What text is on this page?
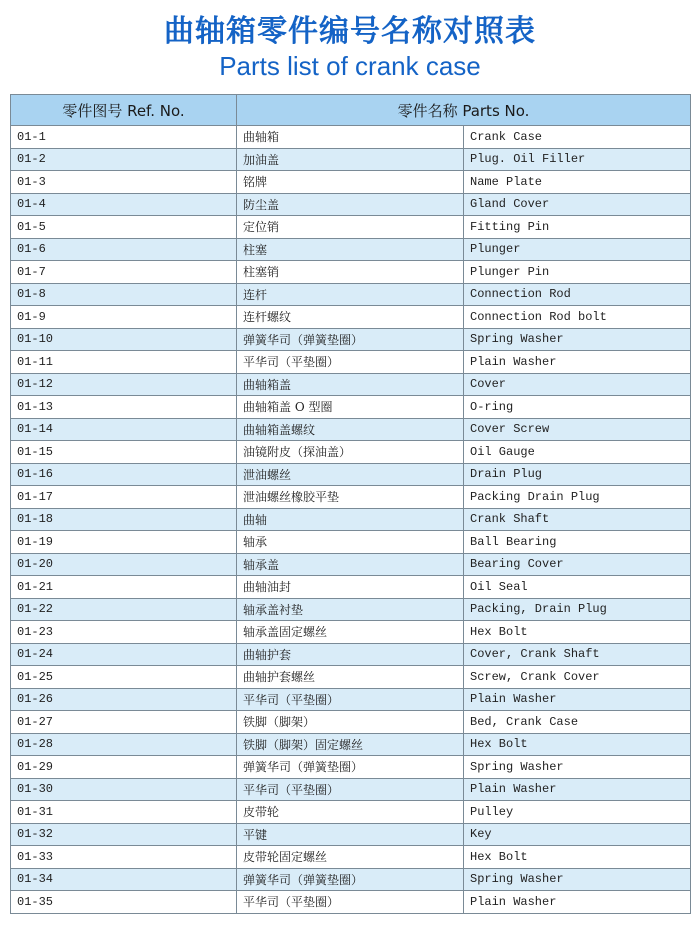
曲轴箱零件编号名称对照表
Parts list of crank case
零件图号 Ref. No.	零件名称 Parts No.	
01-1	曲轴箱	Crank Case
01-2	加油盖	Plug. Oil Filler
01-3	铭牌	Name Plate
01-4	防尘盖	Gland Cover
01-5	定位销	Fitting Pin
01-6	柱塞	Plunger
01-7	柱塞销	Plunger Pin
01-8	连杆	Connection Rod
01-9	连杆螺纹	Connection Rod bolt
01-10	弹簧华司（弹簧垫圈）	Spring Washer
01-11	平华司（平垫圈）	Plain Washer
01-12	曲轴箱盖	Cover
01-13	曲轴箱盖 O 型圈	O-ring
01-14	曲轴箱盖螺纹	Cover Screw
01-15	油镜附皮（探油盖）	Oil Gauge
01-16	泄油螺丝	Drain Plug
01-17	泄油螺丝橡胶平垫	Packing Drain Plug
01-18	曲轴	Crank Shaft
01-19	轴承	Ball Bearing
01-20	轴承盖	Bearing Cover
01-21	曲轴油封	Oil Seal
01-22	轴承盖衬垫	Packing, Drain Plug
01-23	轴承盖固定螺丝	Hex Bolt
01-24	曲轴护套	Cover, Crank Shaft
01-25	曲轴护套螺丝	Screw, Crank Cover
01-26	平华司（平垫圈）	Plain Washer
01-27	铁脚（脚架）	Bed, Crank Case
01-28	铁脚（脚架）固定螺丝	Hex Bolt
01-29	弹簧华司（弹簧垫圈）	Spring Washer
01-30	平华司（平垫圈）	Plain Washer
01-31	皮带轮	Pulley
01-32	平键	Key
01-33	皮带轮固定螺丝	Hex Bolt
01-34	弹簧华司（弹簧垫圈）	Spring Washer
01-35	平华司（平垫圈）	Plain Washer
